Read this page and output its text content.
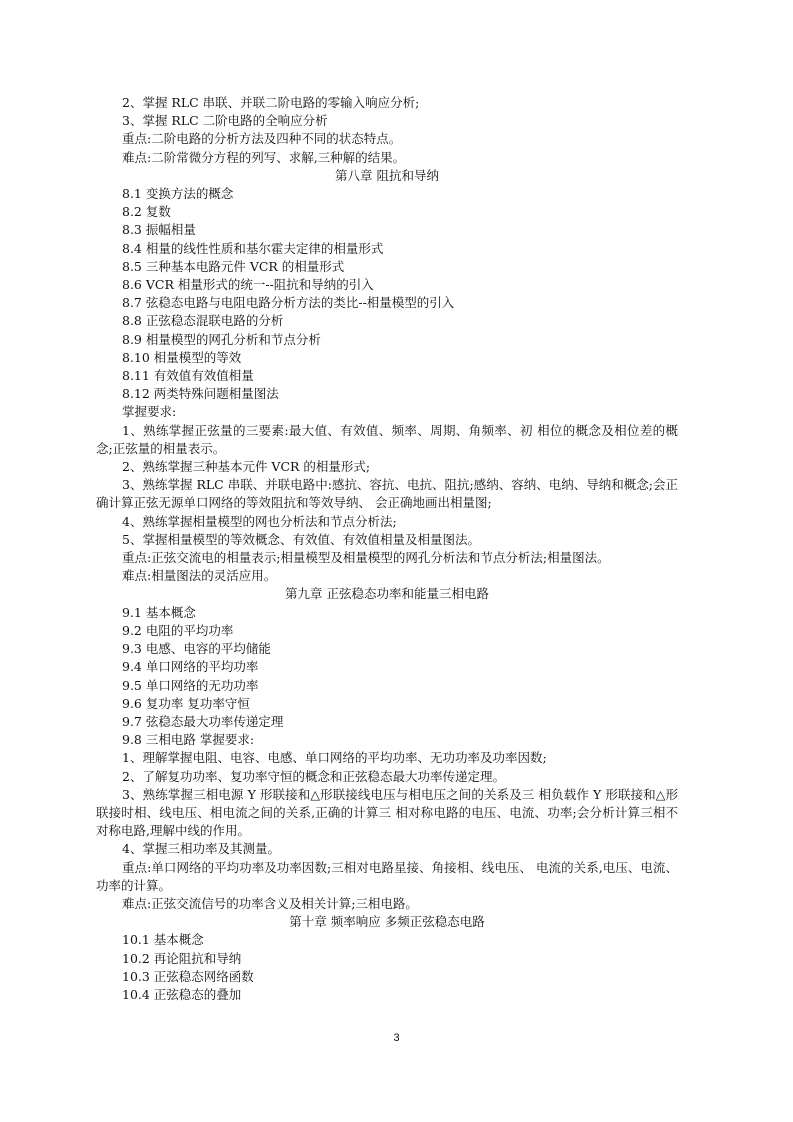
2、掌握 RLC 串联、并联二阶电路的零输入响应分析;

3、掌握 RLC 二阶电路的全响应分析

重点:二阶电路的分析方法及四种不同的状态特点。

难点:二阶常微分方程的列写、求解,三种解的结果。

第八章 阻抗和导纳

8.1 变换方法的概念

8.2 复数

8.3 振幅相量

8.4 相量的线性性质和基尔霍夫定律的相量形式

8.5 三种基本电路元件 VCR 的相量形式

8.6 VCR 相量形式的统一--阻抗和导纳的引入

8.7 弦稳态电路与电阻电路分析方法的类比--相量模型的引入

8.8 正弦稳态混联电路的分析

8.9 相量模型的网孔分析和节点分析

8.10 相量模型的等效

8.11 有效值有效值相量

8.12 两类特殊问题相量图法

掌握要求:

1、熟练掌握正弦量的三要素:最大值、有效值、频率、周期、角频率、初 相位的概念及相位差的概念;正弦量的相量表示。

2、熟练掌握三种基本元件 VCR 的相量形式;

3、熟练掌握 RLC 串联、并联电路中:感抗、容抗、电抗、阻抗;感纳、容纳、电纳、导纳和概念;会正确计算正弦无源单口网络的等效阻抗和等效导纳、 会正确地画出相量图;

4、熟练掌握相量模型的网也分析法和节点分析法;

5、掌握相量模型的等效概念、有效值、有效值相量及相量图法。

重点:正弦交流电的相量表示;相量模型及相量模型的网孔分析法和节点分析法;相量图法。

难点:相量图法的灵活应用。

第九章 正弦稳态功率和能量三相电路

9.1 基本概念

9.2 电阻的平均功率

9.3 电感、电容的平均储能

9.4 单口网络的平均功率

9.5 单口网络的无功功率

9.6 复功率 复功率守恒

9.7 弦稳态最大功率传递定理

9.8 三相电路 掌握要求:

1、理解掌握电阻、电容、电感、单口网络的平均功率、无功功率及功率因数;

2、了解复功功率、复功率守恒的概念和正弦稳态最大功率传递定理。

3、熟练掌握三相电源 Y 形联接和△形联接线电压与相电压之间的关系及三 相负载作 Y 形联接和△形联接时相、线电压、相电流之间的关系,正确的计算三 相对称电路的电压、电流、功率;会分析计算三相不对称电路,理解中线的作用。

4、掌握三相功率及其测量。

重点:单口网络的平均功率及功率因数;三相对电路星接、角接相、线电压、 电流的关系,电压、电流、功率的计算。

难点:正弦交流信号的功率含义及相关计算;三相电路。

第十章 频率响应 多频正弦稳态电路

10.1 基本概念

10.2 再论阻抗和导纳

10.3 正弦稳态网络函数

10.4 正弦稳态的叠加

3
